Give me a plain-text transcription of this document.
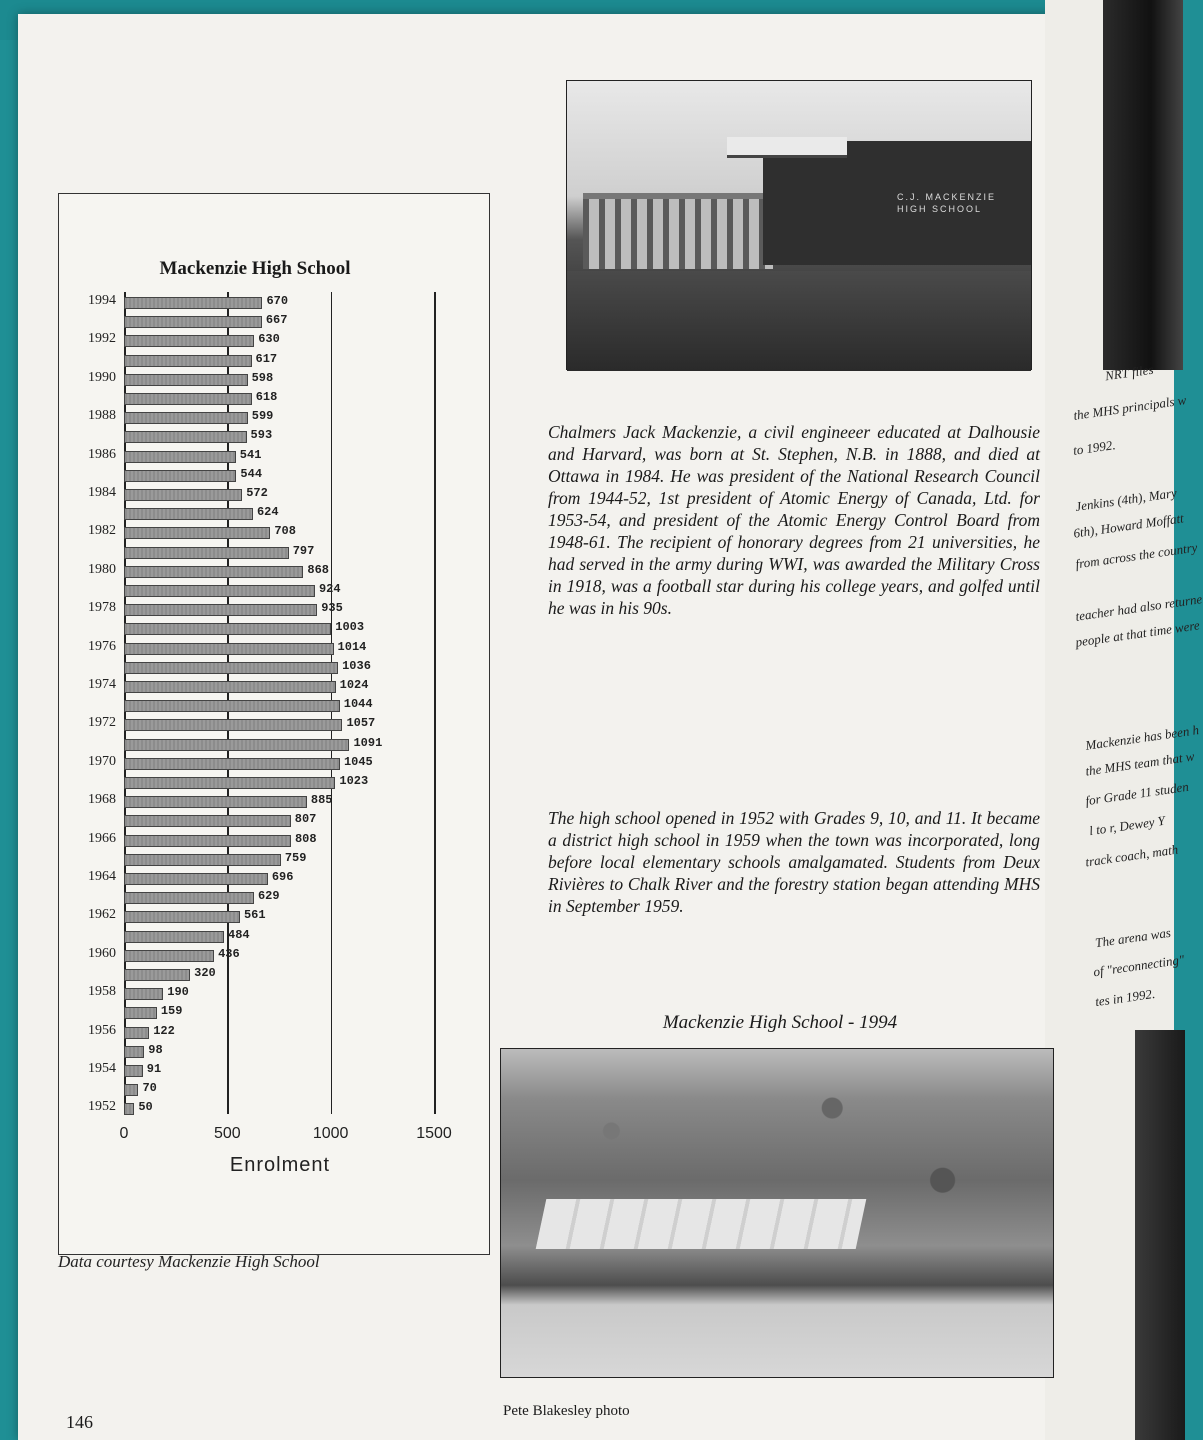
NRT files
the MHS principals w
to 1992.
Jenkins (4th), Mary
6th), Howard Moffatt
from across the country
teacher had also returne
people at that time were
Mackenzie has been h
the MHS team that w
for Grade 11 studen
l to r, Dewey Y
track coach, math
The arena was
of "reconnecting"
tes in 1992.
Mackenzie High School
0	500	1000	1500
670
667
630
617
598
618
599
593
541
544
572
624
708
797
868
924
935
1003
1014
1036
1024
1044
1057
1091
1045
1023
885
807
808
759
696
629
561
484
436
320
190
159
122
98
91
70
50
1994
1992
1990
1988
1986
1984
1982
1980
1978
1976
1974
1972
1970
1968
1966
1964
1962
1960
1958
1956
1954
1952
Enrolment
Data courtesy Mackenzie High School
C.J. MACKENZIE HIGH SCHOOL
Chalmers Jack Mackenzie, a civil engineeer educated at Dalhousie and Harvard, was born at St. Stephen, N.B. in 1888, and died at Ottawa in 1984. He was president of the National Research Council from 1944-52, 1st president of Atomic Energy of Canada, Ltd. for 1953-54, and president of the Atomic Energy Control Board from 1948-61. The recipient of honorary degrees from 21 universities, he had served in the army during WWI, was awarded the Military Cross in 1918, was a football star during his college years, and golfed until he was in his 90s.
The high school opened in 1952 with Grades 9, 10, and 11. It became a district high school in 1959 when the town was incorporated, long before local elementary schools amalgamated. Students from Deux Rivières to Chalk River and the forestry station began attending MHS in September 1959.
Mackenzie High School - 1994
Pete Blakesley photo
146
